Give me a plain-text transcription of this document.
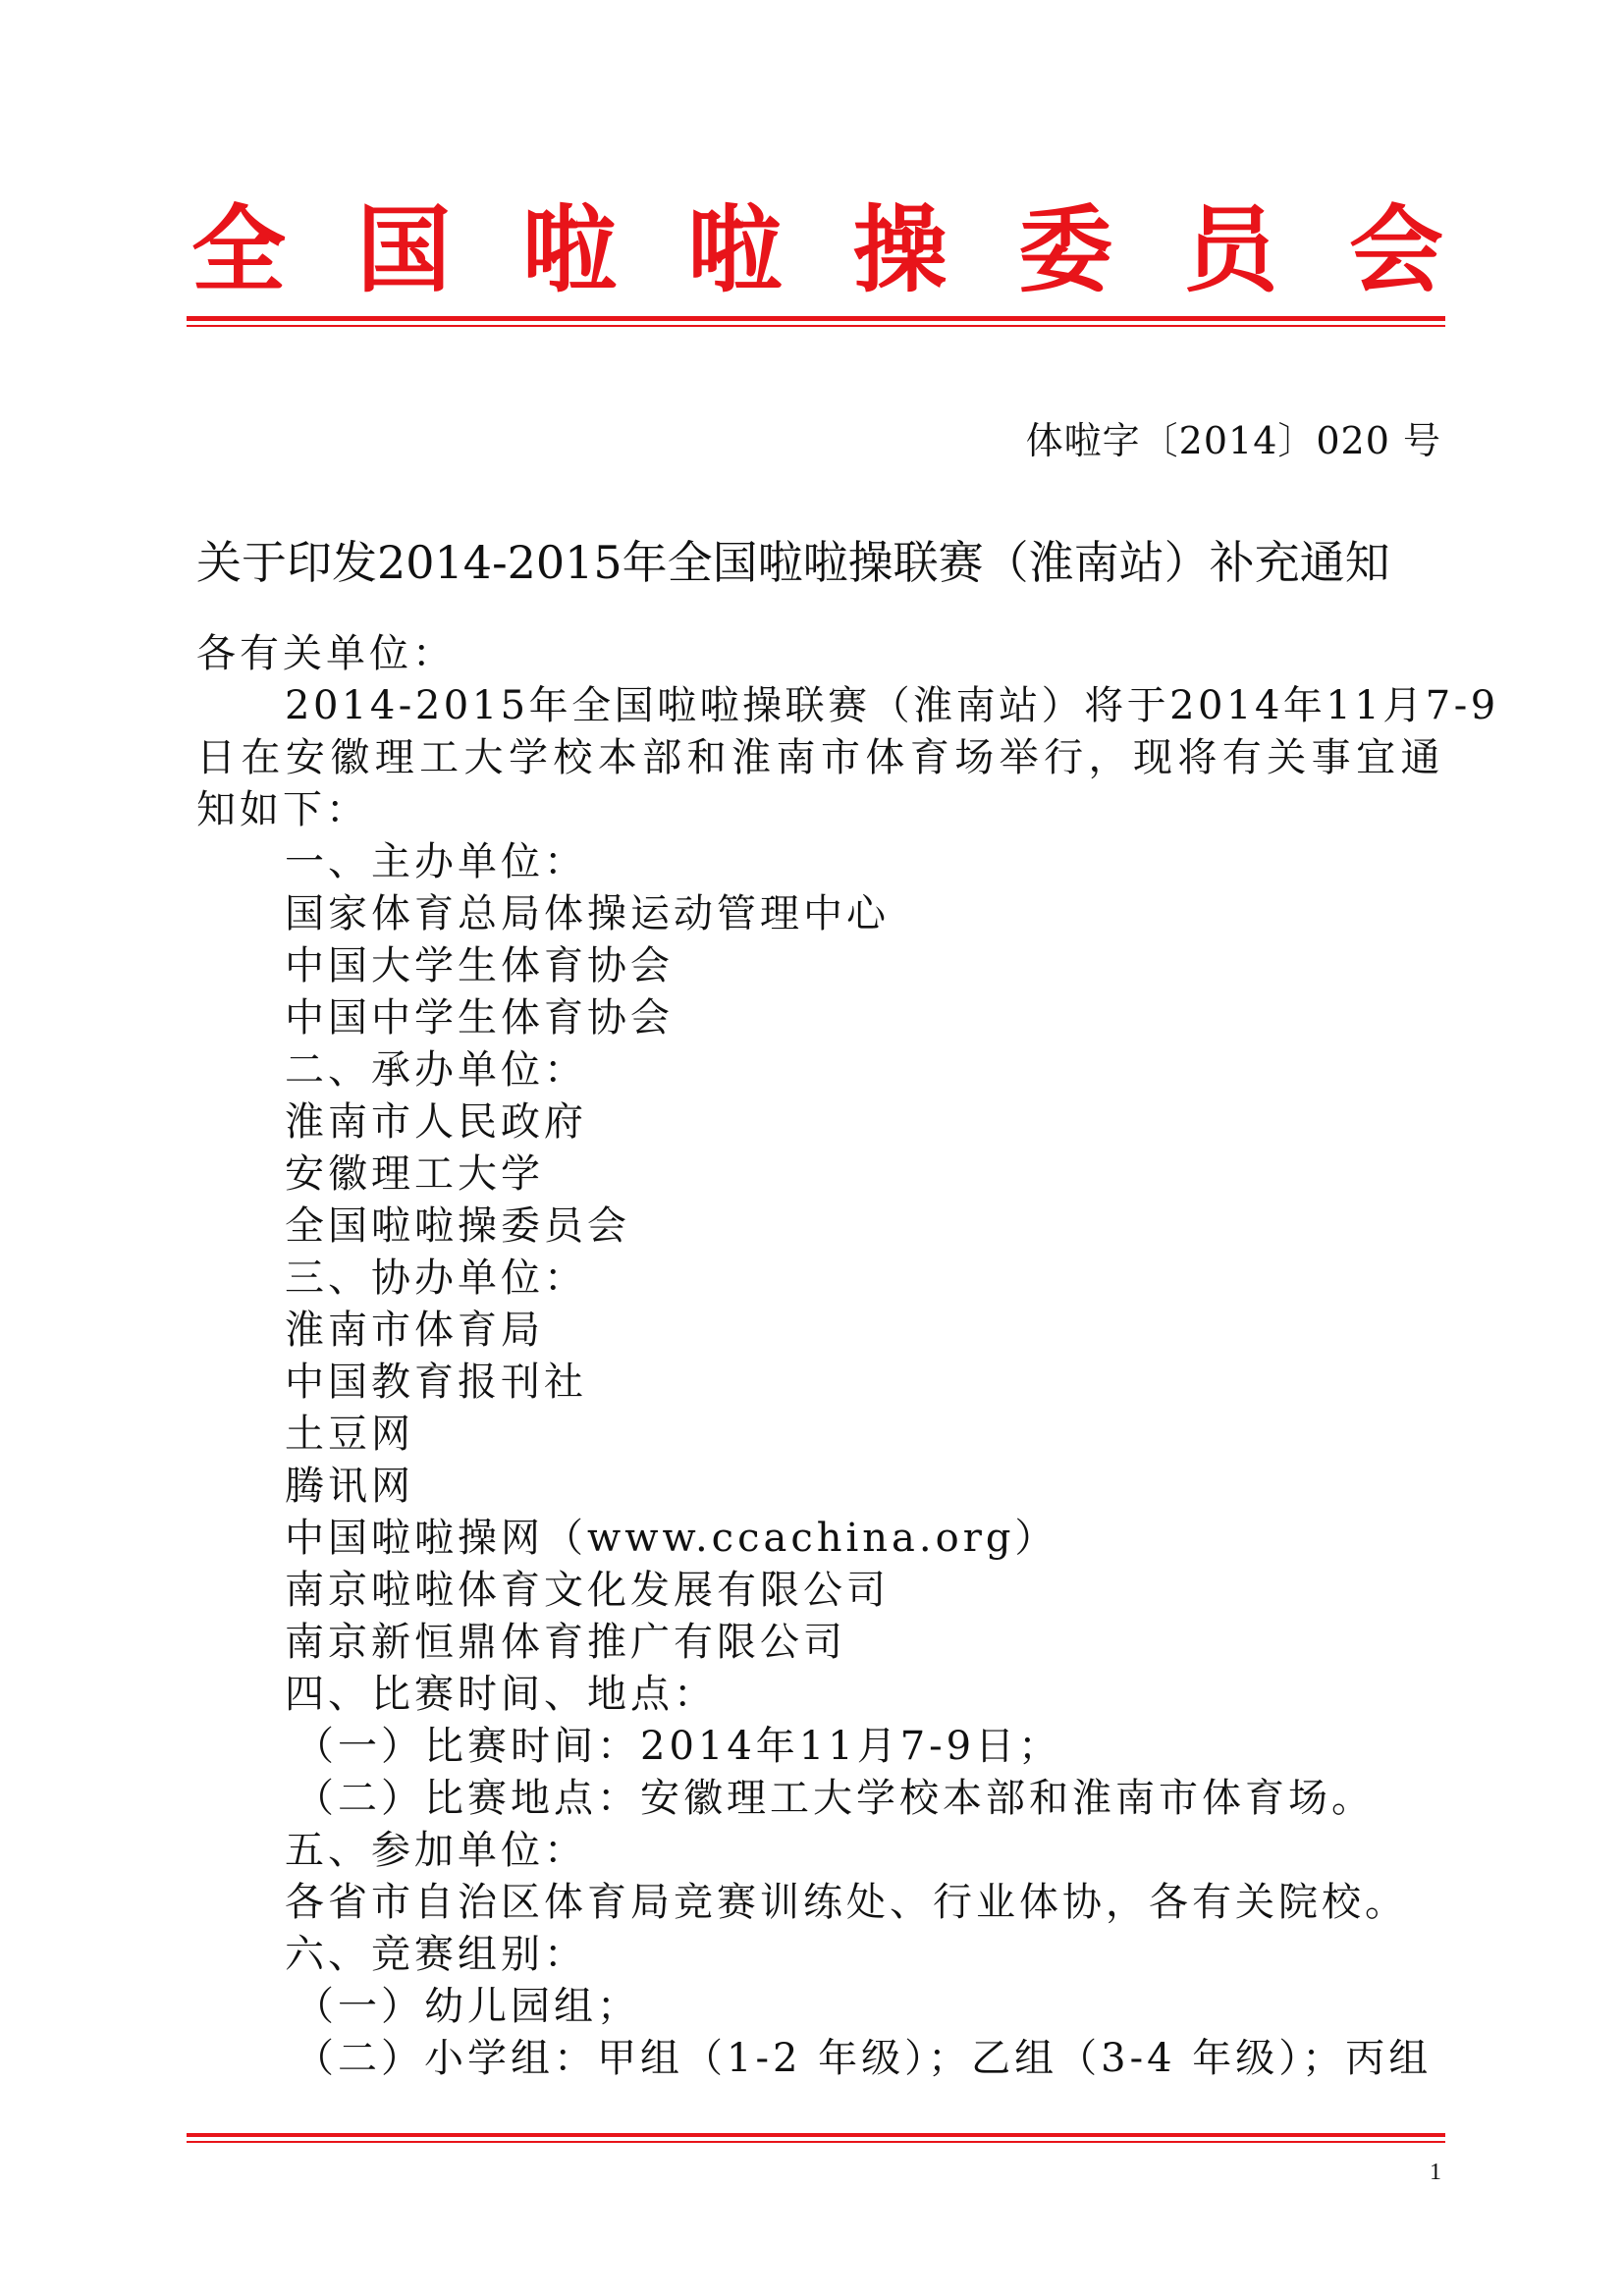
全 国 啦 啦 操 委 员 会
体啦字〔2014〕020 号
关于印发2014-2015年全国啦啦操联赛（淮南站）补充通知
各有关单位：
2014-2015年全国啦啦操联赛（淮南站）将于2014年11月7-9
日在安徽理工大学校本部和淮南市体育场举行，现将有关事宜通
知如下：
一、主办单位：
国家体育总局体操运动管理中心
中国大学生体育协会
中国中学生体育协会
二、承办单位：
淮南市人民政府
安徽理工大学
全国啦啦操委员会
三、协办单位：
淮南市体育局
中国教育报刊社
土豆网
腾讯网
中国啦啦操网（www.ccachina.org）
南京啦啦体育文化发展有限公司
南京新恒鼎体育推广有限公司
四、比赛时间、地点：
（一）比赛时间：2014年11月7-9日；
（二）比赛地点：安徽理工大学校本部和淮南市体育场。
五、参加单位：
各省市自治区体育局竞赛训练处、行业体协，各有关院校。
六、竞赛组别：
（一）幼儿园组；
（二）小学组：甲组（1-2 年级）；乙组（3-4 年级）；丙组
1
